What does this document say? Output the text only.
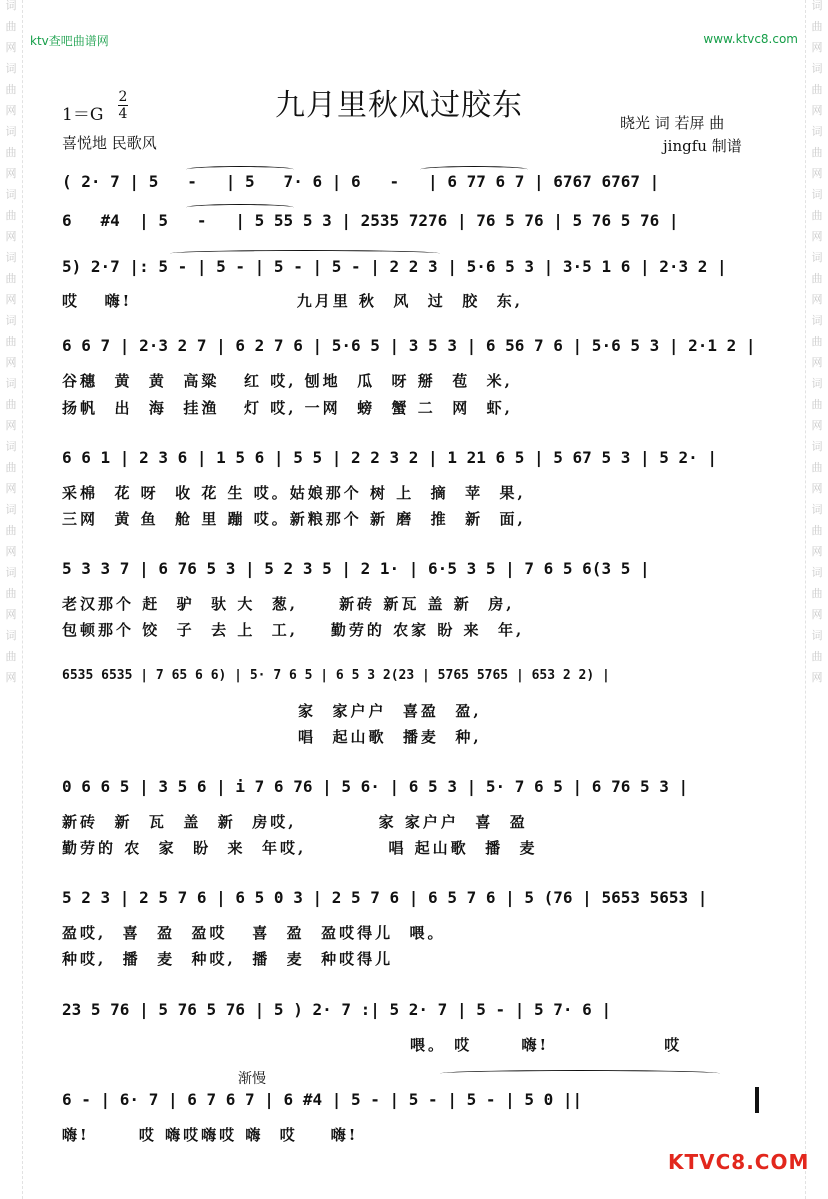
词
曲
网
词
曲
网
词
曲
网
词
曲
网
词
曲
网
词
曲
网
词
曲
网
词
曲
网
词
曲
网
词
曲
网
词
曲
网
词
曲
网
词
曲
网
词
曲
网
词
曲
网
词
曲
网
词
曲
网
词
曲
网
词
曲
网
词
曲
网
词
曲
网
词
曲
网
ktv查吧曲谱网	www.ktvc8.com
九月里秋风过胶东
1＝G
2
4
喜悦地 民歌风
晓光 词 若屏 曲
jingfu 制谱
( 2· 7 | 5   -   | 5   7· 6 | 6   -   | 6 77 6 7 | 6767 6767 |
6   #4  | 5   -   | 5 55 5 3 | 2535 7276 | 76 5 76 | 5 76 5 76 |
5) 2·7 |: 5 - | 5 - | 5 - | 5 - | 2 2 3 | 5·6 5 3 | 3·5 1 6 | 2·3 2 |
哎   嗨!                    九月里 秋  风  过  胶  东,
6 6 7 | 2·3 2 7 | 6 2 7 6 | 5·6 5 | 3 5 3 | 6 56 7 6 | 5·6 5 3 | 2·1 2 |
谷穗  黄  黄  高粱   红 哎, 刨地  瓜  呀 掰  苞  米,
扬帆  出  海  挂渔   灯 哎, 一网  螃  蟹 二  网  虾,
6 6 1 | 2 3 6 | 1 5 6 | 5 5 | 2 2 3 2 | 1 21 6 5 | 5 67 5 3 | 5 2· |
采棉  花 呀  收 花 生 哎。姑娘那个 树 上  摘  苹  果,
三网  黄 鱼  舱 里 蹦 哎。新粮那个 新 磨  推  新  面,
5 3 3 7 | 6 76 5 3 | 5 2 3 5 | 2 1· | 6·5 3 5 | 7 6 5 6(3 5 |
老汉那个 赶  驴  驮 大  葱,     新砖 新瓦 盖 新  房,
包顿那个 饺  子  去 上  工,    勤劳的 农家 盼 来  年,
6535 6535 | 7 65 6 6) | 5· 7 6 5 | 6 5 3 2(23 | 5765 5765 | 653 2 2) |
家  家户户  喜盈  盈,
唱  起山歌  播麦  种,
0 6 6 5 | 3 5 6 | i 7 6 76 | 5 6· | 6 5 3 | 5· 7 6 5 | 6 76 5 3 |
新砖  新  瓦  盖  新  房哎,          家 家户户  喜  盈
勤劳的 农  家  盼  来  年哎,          唱 起山歌  播  麦
5 2 3 | 2 5 7 6 | 6 5 0 3 | 2 5 7 6 | 6 5 7 6 | 5 (76 | 5653 5653 |
盈哎,  喜  盈  盈哎   喜  盈  盈哎得儿  喂。
种哎,  播  麦  种哎,  播  麦  种哎得儿
23 5 76 | 5 76 5 76 | 5 ) 2· 7 :| 5 2· 7 | 5 - | 5 7· 6 |
喂。 哎      嗨!              哎
渐慢
6 - | 6· 7 | 6 7 6 7 | 6 #4 | 5 - | 5 - | 5 - | 5 0 ||
嗨!      哎 嗨哎嗨哎 嗨  哎    嗨!
KTVC8.COM
